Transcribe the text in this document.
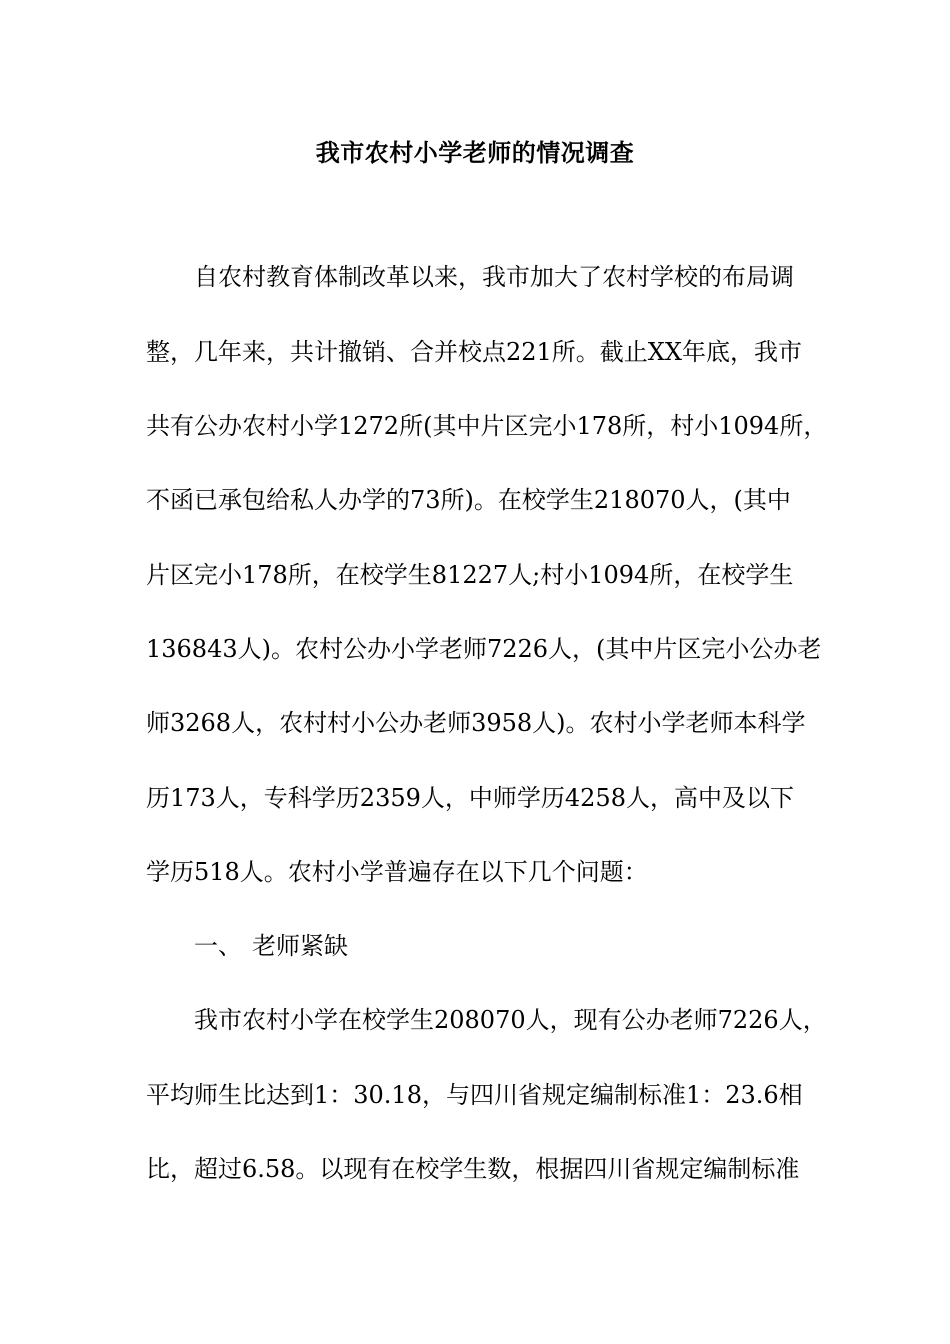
我市农村小学老师的情况调查
自农村教育体制改革以来，我市加大了农村学校的布局调
整，几年来，共计撤销、合并校点221所。截止XX年底，我市
共有公办农村小学1272所(其中片区完小178所，村小1094所，
不函已承包给私人办学的73所)。在校学生218070人，(其中
片区完小178所，在校学生81227人;村小1094所，在校学生
136843人)。农村公办小学老师7226人，(其中片区完小公办老
师3268人，农村村小公办老师3958人)。农村小学老师本科学
历173人，专科学历2359人，中师学历4258人，高中及以下
学历518人。农村小学普遍存在以下几个问题：
一、 老师紧缺
我市农村小学在校学生208070人，现有公办老师7226人，
平均师生比达到1：30.18，与四川省规定编制标准1：23.6相
比，超过6.58。以现有在校学生数，根据四川省规定编制标准
